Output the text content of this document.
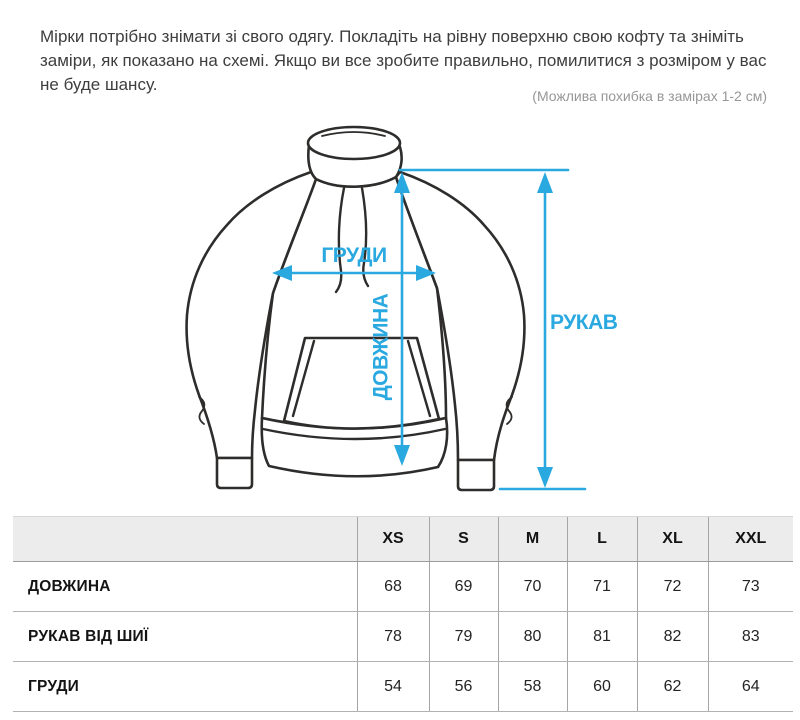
Мірки потрібно знімати зі свого одягу. Покладіть на рівну поверхню свою кофту та зніміть заміри, як показано на схемі. Якщо ви все зробите правильно, помилитися з розміром у вас не буде шансу.

(Можлива похибка в замірах 1-2 см)
ГРУДИ
ДОВЖИНА	РУКАВ
	XS	S	M	L	XL	XXL
ДОВЖИНА	68	69	70	71	72	73
РУКАВ ВІД ШИЇ	78	79	80	81	82	83
ГРУДИ	54	56	58	60	62	64
